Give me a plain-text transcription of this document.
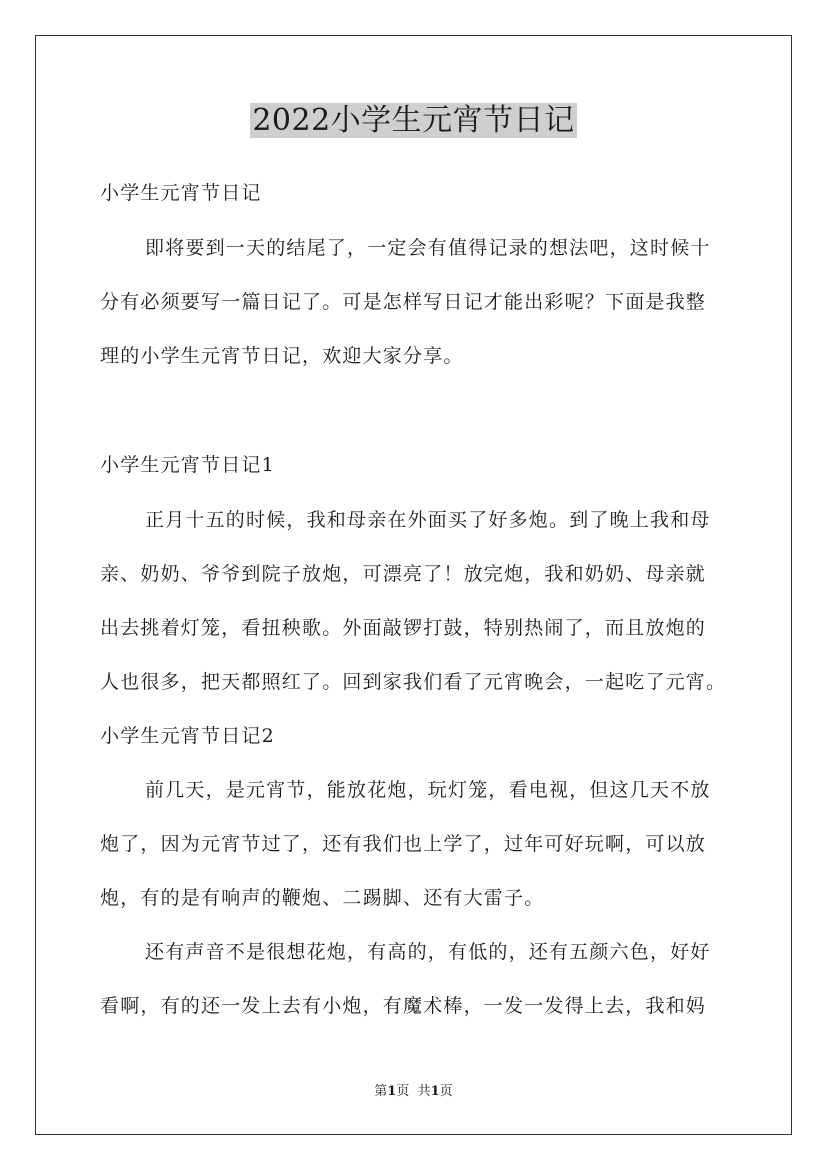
2022小学生元宵节日记
小学生元宵节日记
即将要到一天的结尾了，一定会有值得记录的想法吧，这时候十
分有必须要写一篇日记了。可是怎样写日记才能出彩呢？下面是我整
理的小学生元宵节日记，欢迎大家分享。
小学生元宵节日记1
正月十五的时候，我和母亲在外面买了好多炮。到了晚上我和母
亲、奶奶、爷爷到院子放炮，可漂亮了！放完炮，我和奶奶、母亲就
出去挑着灯笼，看扭秧歌。外面敲锣打鼓，特别热闹了，而且放炮的
人也很多，把天都照红了。回到家我们看了元宵晚会，一起吃了元宵。
小学生元宵节日记2
前几天，是元宵节，能放花炮，玩灯笼，看电视，但这几天不放
炮了，因为元宵节过了，还有我们也上学了，过年可好玩啊，可以放
炮，有的是有响声的鞭炮、二踢脚、还有大雷子。
还有声音不是很想花炮，有高的，有低的，还有五颜六色，好好
看啊，有的还一发上去有小炮，有魔术棒，一发一发得上去，我和妈
第1页 共1页
